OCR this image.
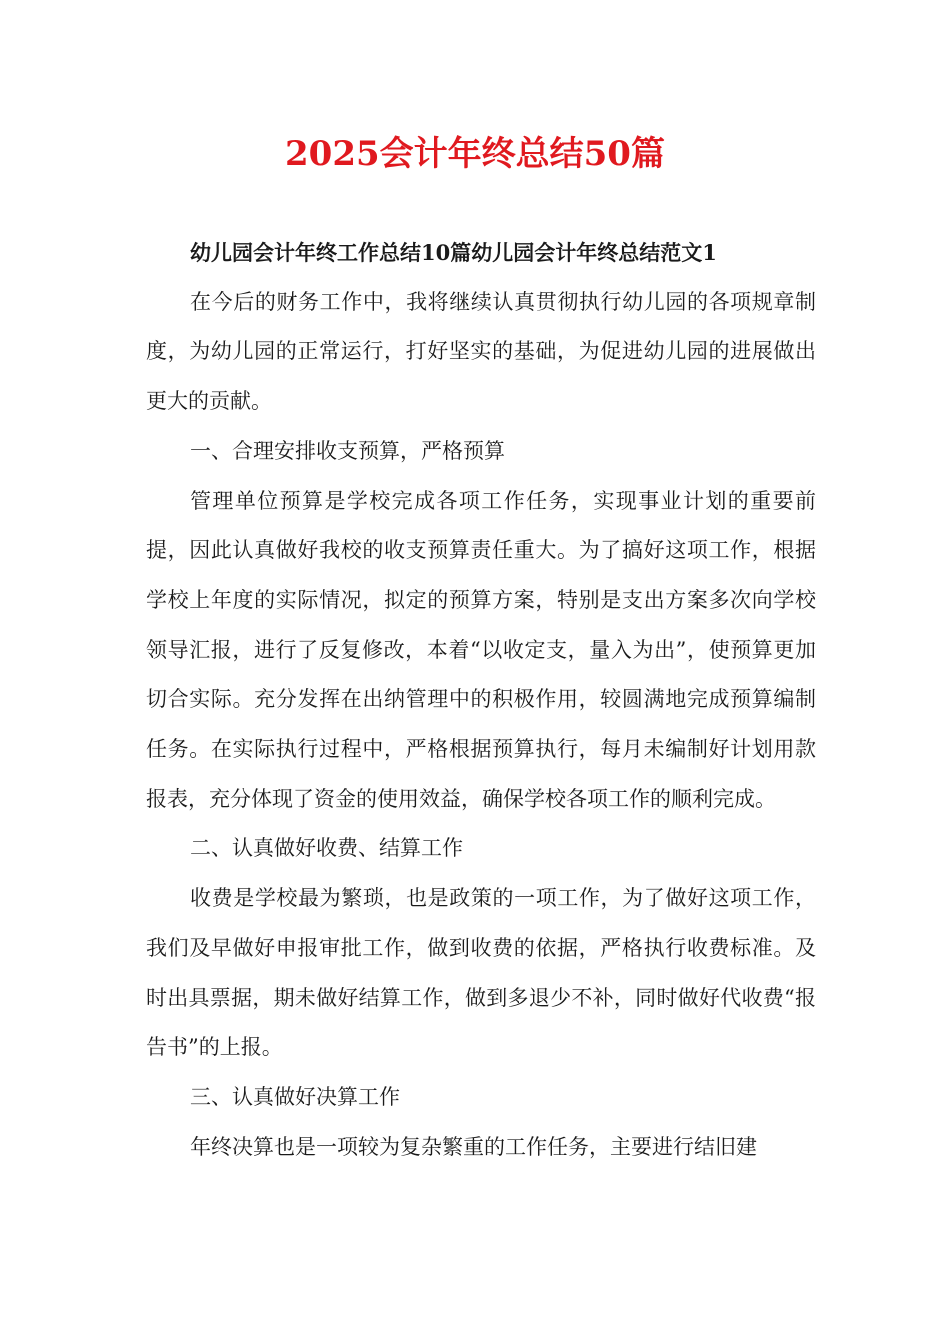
2025会计年终总结50篇

幼儿园会计年终工作总结10篇幼儿园会计年终总结范文1

在今后的财务工作中，我将继续认真贯彻执行幼儿园的各项规章制度，为幼儿园的正常运行，打好坚实的基础，为促进幼儿园的进展做出更大的贡献。

一、合理安排收支预算，严格预算

管理单位预算是学校完成各项工作任务，实现事业计划的重要前提，因此认真做好我校的收支预算责任重大。为了搞好这项工作，根据学校上年度的实际情况，拟定的预算方案，特别是支出方案多次向学校领导汇报，进行了反复修改，本着“以收定支，量入为出”，使预算更加切合实际。充分发挥在出纳管理中的积极作用，较圆满地完成预算编制任务。在实际执行过程中，严格根据预算执行，每月未编制好计划用款报表，充分体现了资金的使用效益，确保学校各项工作的顺利完成。

二、认真做好收费、结算工作

收费是学校最为繁琐，也是政策的一项工作，为了做好这项工作，我们及早做好申报审批工作，做到收费的依据，严格执行收费标准。及时出具票据，期未做好结算工作，做到多退少不补，同时做好代收费“报告书”的上报。

三、认真做好决算工作

年终决算也是一项较为复杂繁重的工作任务，主要进行结旧建
